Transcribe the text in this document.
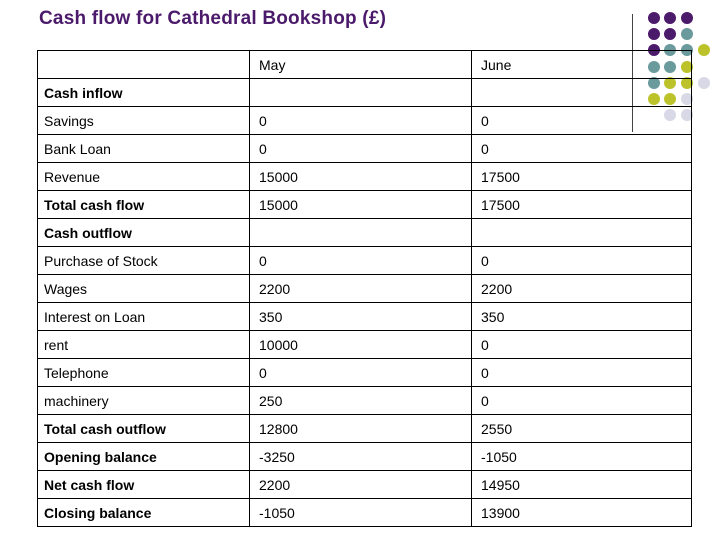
Cash flow for Cathedral Bookshop (£)
	May	June
Cash inflow		
Savings	0	0
Bank Loan	0	0
Revenue	15000	17500
Total cash flow	15000	17500
Cash outflow		
Purchase of Stock	0	0
Wages	2200	2200
Interest on Loan	350	350
rent	10000	0
Telephone	0	0
machinery	250	0
Total cash outflow	12800	2550
Opening balance	-3250	-1050
Net cash flow	2200	14950
Closing balance	-1050	13900
